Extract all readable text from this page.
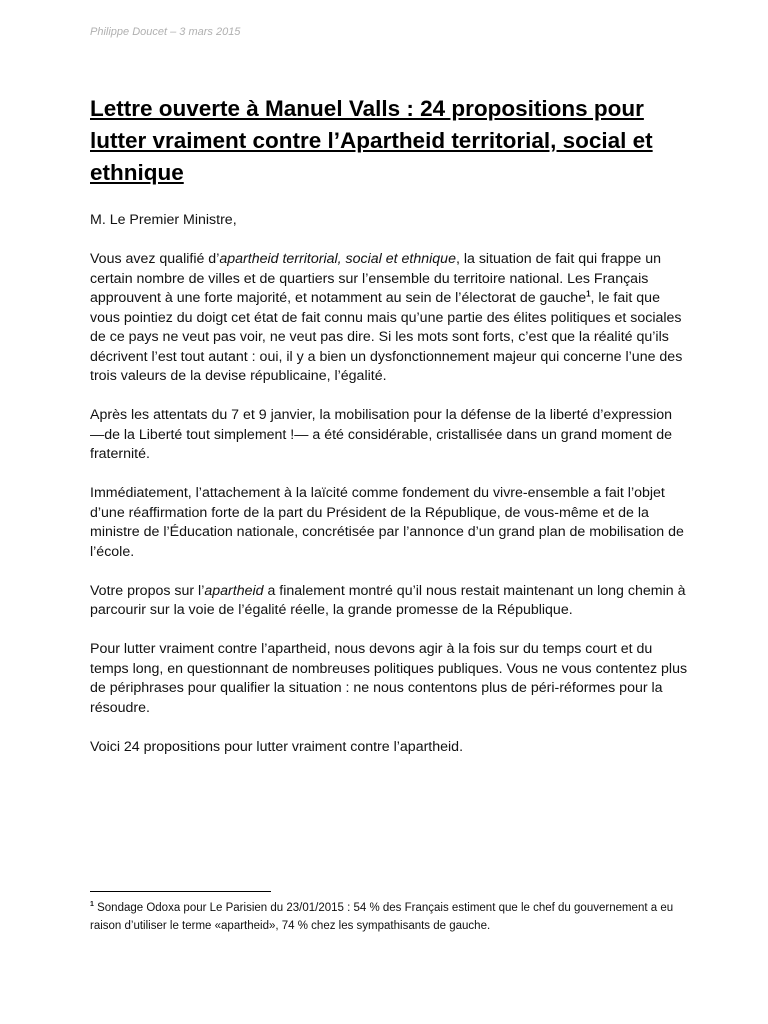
Philippe Doucet – 3 mars 2015
Lettre ouverte à Manuel Valls : 24 propositions pour lutter vraiment contre l’Apartheid territorial, social et ethnique

M. Le Premier Ministre,

Vous avez qualifié d’apartheid territorial, social et ethnique, la situation de fait qui frappe un certain nombre de villes et de quartiers sur l’ensemble du territoire national. Les Français approuvent à une forte majorité, et notamment au sein de l’électorat de gauche$^1$, le fait que vous pointiez du doigt cet état de fait connu mais qu’une partie des élites politiques et sociales de ce pays ne veut pas voir, ne veut pas dire. Si les mots sont forts, c’est que la réalité qu’ils décrivent l’est tout autant : oui, il y a bien un dysfonctionnement majeur qui concerne l’une des trois valeurs de la devise républicaine, l’égalité.

Après les attentats du 7 et 9 janvier, la mobilisation pour la défense de la liberté d’expression —de la Liberté tout simplement !— a été considérable, cristallisée dans un grand moment de fraternité.

Immédiatement, l’attachement à la laïcité comme fondement du vivre-ensemble a fait l’objet d’une réaffirmation forte de la part du Président de la République, de vous-même et de la ministre de l’Éducation nationale, concrétisée par l’annonce d’un grand plan de mobilisation de l’école.

Votre propos sur l’apartheid a finalement montré qu’il nous restait maintenant un long chemin à parcourir sur la voie de l’égalité réelle, la grande promesse de la République.

Pour lutter vraiment contre l’apartheid, nous devons agir à la fois sur du temps court et du temps long, en questionnant de nombreuses politiques publiques. Vous ne vous contentez plus de périphrases pour qualifier la situation : ne nous contentons plus de péri-réformes pour la résoudre.

Voici 24 propositions pour lutter vraiment contre l’apartheid.

$^1$ Sondage Odoxa pour Le Parisien du 23/01/2015 : 54 % des Français estiment que le chef du gouvernement a eu raison d’utiliser le terme «apartheid», 74 % chez les sympathisants de gauche.
